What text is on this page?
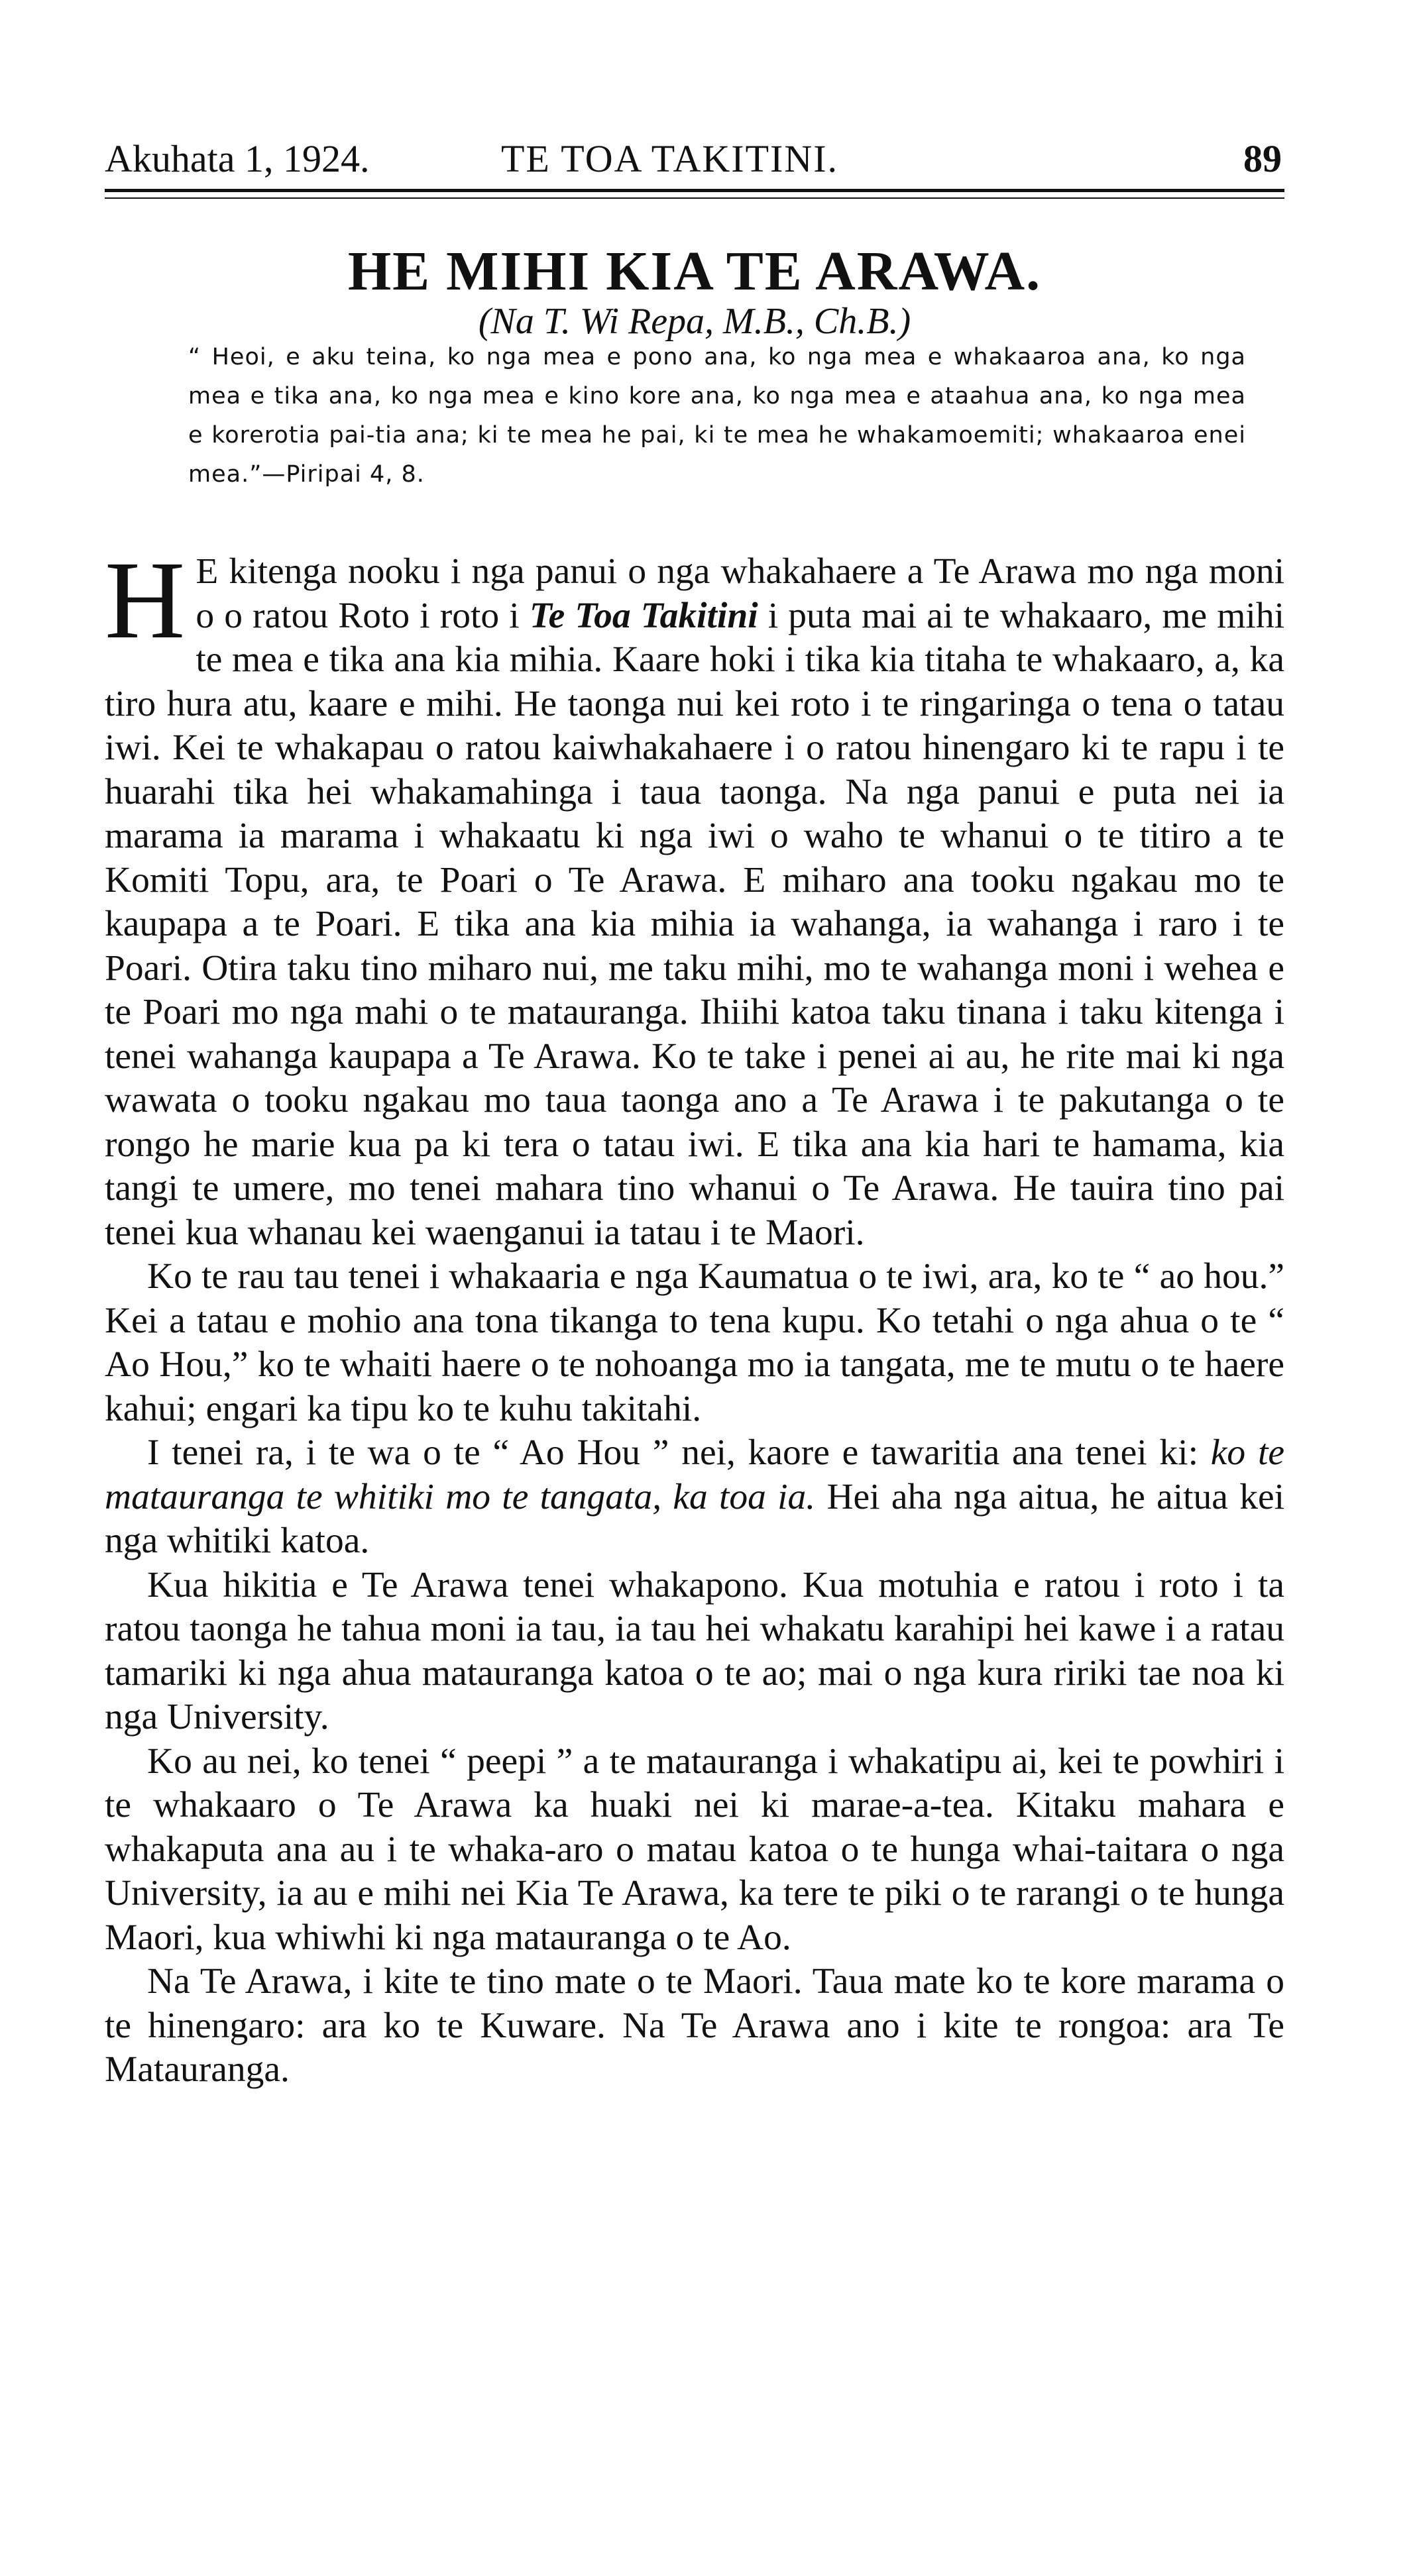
Akuhata 1, 1924.	TE TOA TAKITINI.	89
HE MIHI KIA TE ARAWA.
(Na T. Wi Repa, M.B., Ch.B.)
“ Heoi, e aku teina, ko nga mea e pono ana, ko nga mea e whakaaroa ana, ko nga mea e tika ana, ko nga mea e kino kore ana, ko nga mea e ataahua ana, ko nga mea e korerotia pai-tia ana; ki te mea he pai, ki te mea he whakamoemiti; whakaaroa enei mea.”—Piripai 4, 8.

H E kitenga nooku i nga panui o nga whakahaere a Te Arawa mo nga moni o o ratou Roto i roto i Te Toa Takitini i puta mai ai te whakaaro, me mihi te mea e tika ana kia mihia. Kaare hoki i tika kia titaha te whakaaro, a, ka tiro hura atu, kaare e mihi. He taonga nui kei roto i te ringaringa o tena o tatau iwi. Kei te whakapau o ratou kaiwhakahaere i o ratou hinengaro ki te rapu i te huarahi tika hei whakamahinga i taua taonga. Na nga panui e puta nei ia marama ia marama i whakaatu ki nga iwi o waho te whanui o te titiro a te Komiti Topu, ara, te Poari o Te Arawa. E miharo ana tooku ngakau mo te kaupapa a te Poari. E tika ana kia mihia ia wahanga, ia wahanga i raro i te Poari. Otira taku tino miharo nui, me taku mihi, mo te wahanga moni i wehea e te Poari mo nga mahi o te matauranga. Ihiihi katoa taku tinana i taku kitenga i tenei wahanga kaupapa a Te Arawa. Ko te take i penei ai au, he rite mai ki nga wawata o tooku ngakau mo taua taonga ano a Te Arawa i te pakutanga o te rongo he marie kua pa ki tera o tatau iwi. E tika ana kia hari te hamama, kia tangi te umere, mo tenei mahara tino whanui o Te Arawa. He tauira tino pai tenei kua whanau kei waenganui ia tatau i te Maori.

Ko te rau tau tenei i whakaaria e nga Kaumatua o te iwi, ara, ko te “ ao hou.” Kei a tatau e mohio ana tona tikanga to tena kupu. Ko tetahi o nga ahua o te “ Ao Hou,” ko te whaiti haere o te nohoanga mo ia tangata, me te mutu o te haere kahui; engari ka tipu ko te kuhu takitahi.

I tenei ra, i te wa o te “ Ao Hou ” nei, kaore e tawaritia ana tenei ki: ko te matauranga te whitiki mo te tangata, ka toa ia. Hei aha nga aitua, he aitua kei nga whitiki katoa.

Kua hikitia e Te Arawa tenei whakapono. Kua motuhia e ratou i roto i ta ratou taonga he tahua moni ia tau, ia tau hei whakatu karahipi hei kawe i a ratau tamariki ki nga ahua matauranga katoa o te ao; mai o nga kura ririki tae noa ki nga University.

Ko au nei, ko tenei “ peepi ” a te matauranga i whakatipu ai, kei te powhiri i te whakaaro o Te Arawa ka huaki nei ki marae-a-tea. Kitaku mahara e whakaputa ana au i te whaka-aro o matau katoa o te hunga whai-taitara o nga University, ia au e mihi nei Kia Te Arawa, ka tere te piki o te rarangi o te hunga Maori, kua whiwhi ki nga matauranga o te Ao.

Na Te Arawa, i kite te tino mate o te Maori. Taua mate ko te kore marama o te hinengaro: ara ko te Kuware. Na Te Arawa ano i kite te rongoa: ara Te Matauranga.
